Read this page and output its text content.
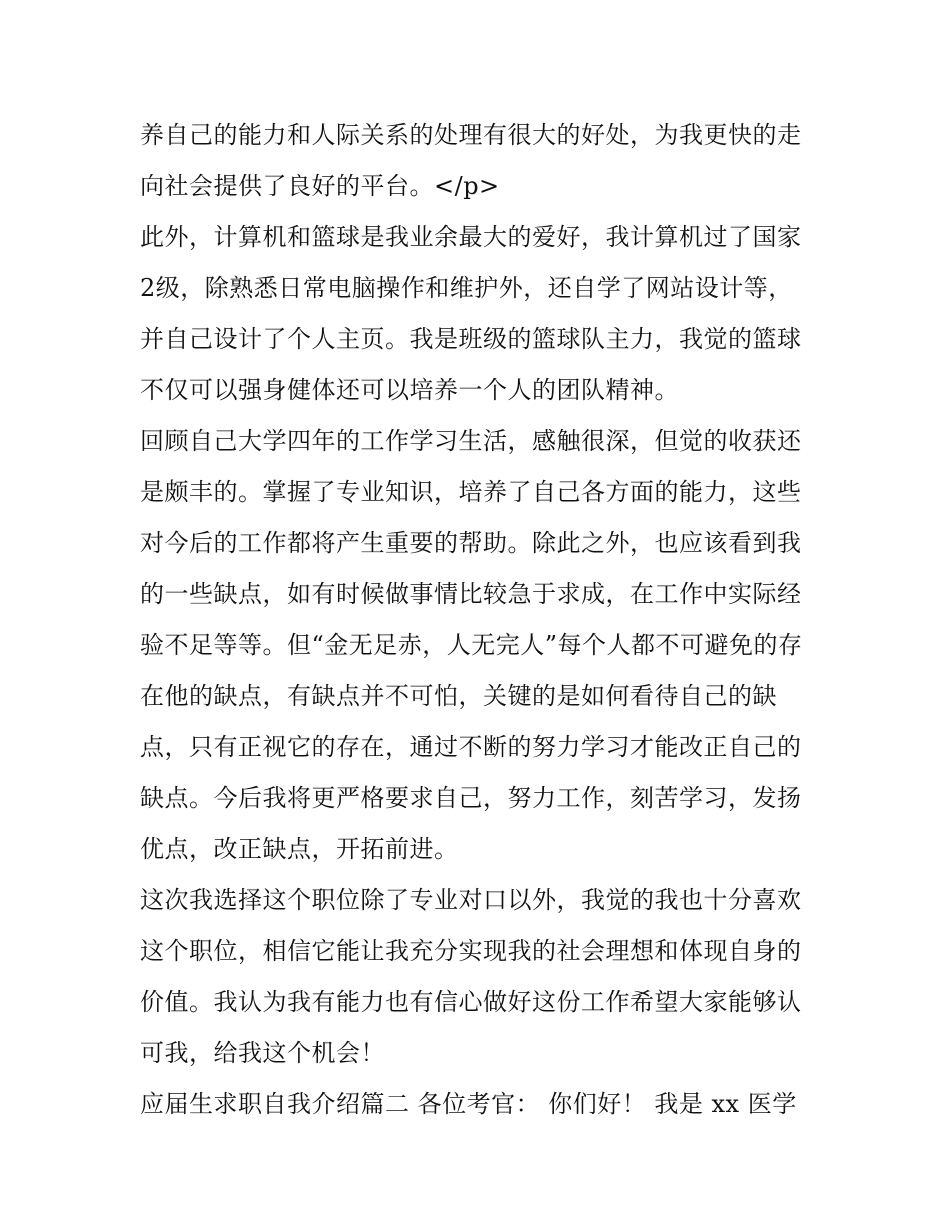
养自己的能力和人际关系的处理有很大的好处，为我更快的走
向社会提供了良好的平台。</p>
此外，计算机和篮球是我业余最大的爱好，我计算机过了国家
2级，除熟悉日常电脑操作和维护外，还自学了网站设计等，
并自己设计了个人主页。我是班级的篮球队主力，我觉的篮球
不仅可以强身健体还可以培养一个人的团队精神。
回顾自己大学四年的工作学习生活，感触很深，但觉的收获还
是颇丰的。掌握了专业知识，培养了自己各方面的能力，这些
对今后的工作都将产生重要的帮助。除此之外，也应该看到我
的一些缺点，如有时候做事情比较急于求成，在工作中实际经
验不足等等。但“金无足赤，人无完人”每个人都不可避免的存
在他的缺点，有缺点并不可怕，关键的是如何看待自己的缺
点，只有正视它的存在，通过不断的努力学习才能改正自己的
缺点。今后我将更严格要求自己，努力工作，刻苦学习，发扬
优点，改正缺点，开拓前进。
这次我选择这个职位除了专业对口以外，我觉的我也十分喜欢
这个职位，相信它能让我充分实现我的社会理想和体现自身的
价值。我认为我有能力也有信心做好这份工作希望大家能够认
可我，给我这个机会！
应届生求职自我介绍篇二 各位考官： 你们好！ 我是 xx 医学
